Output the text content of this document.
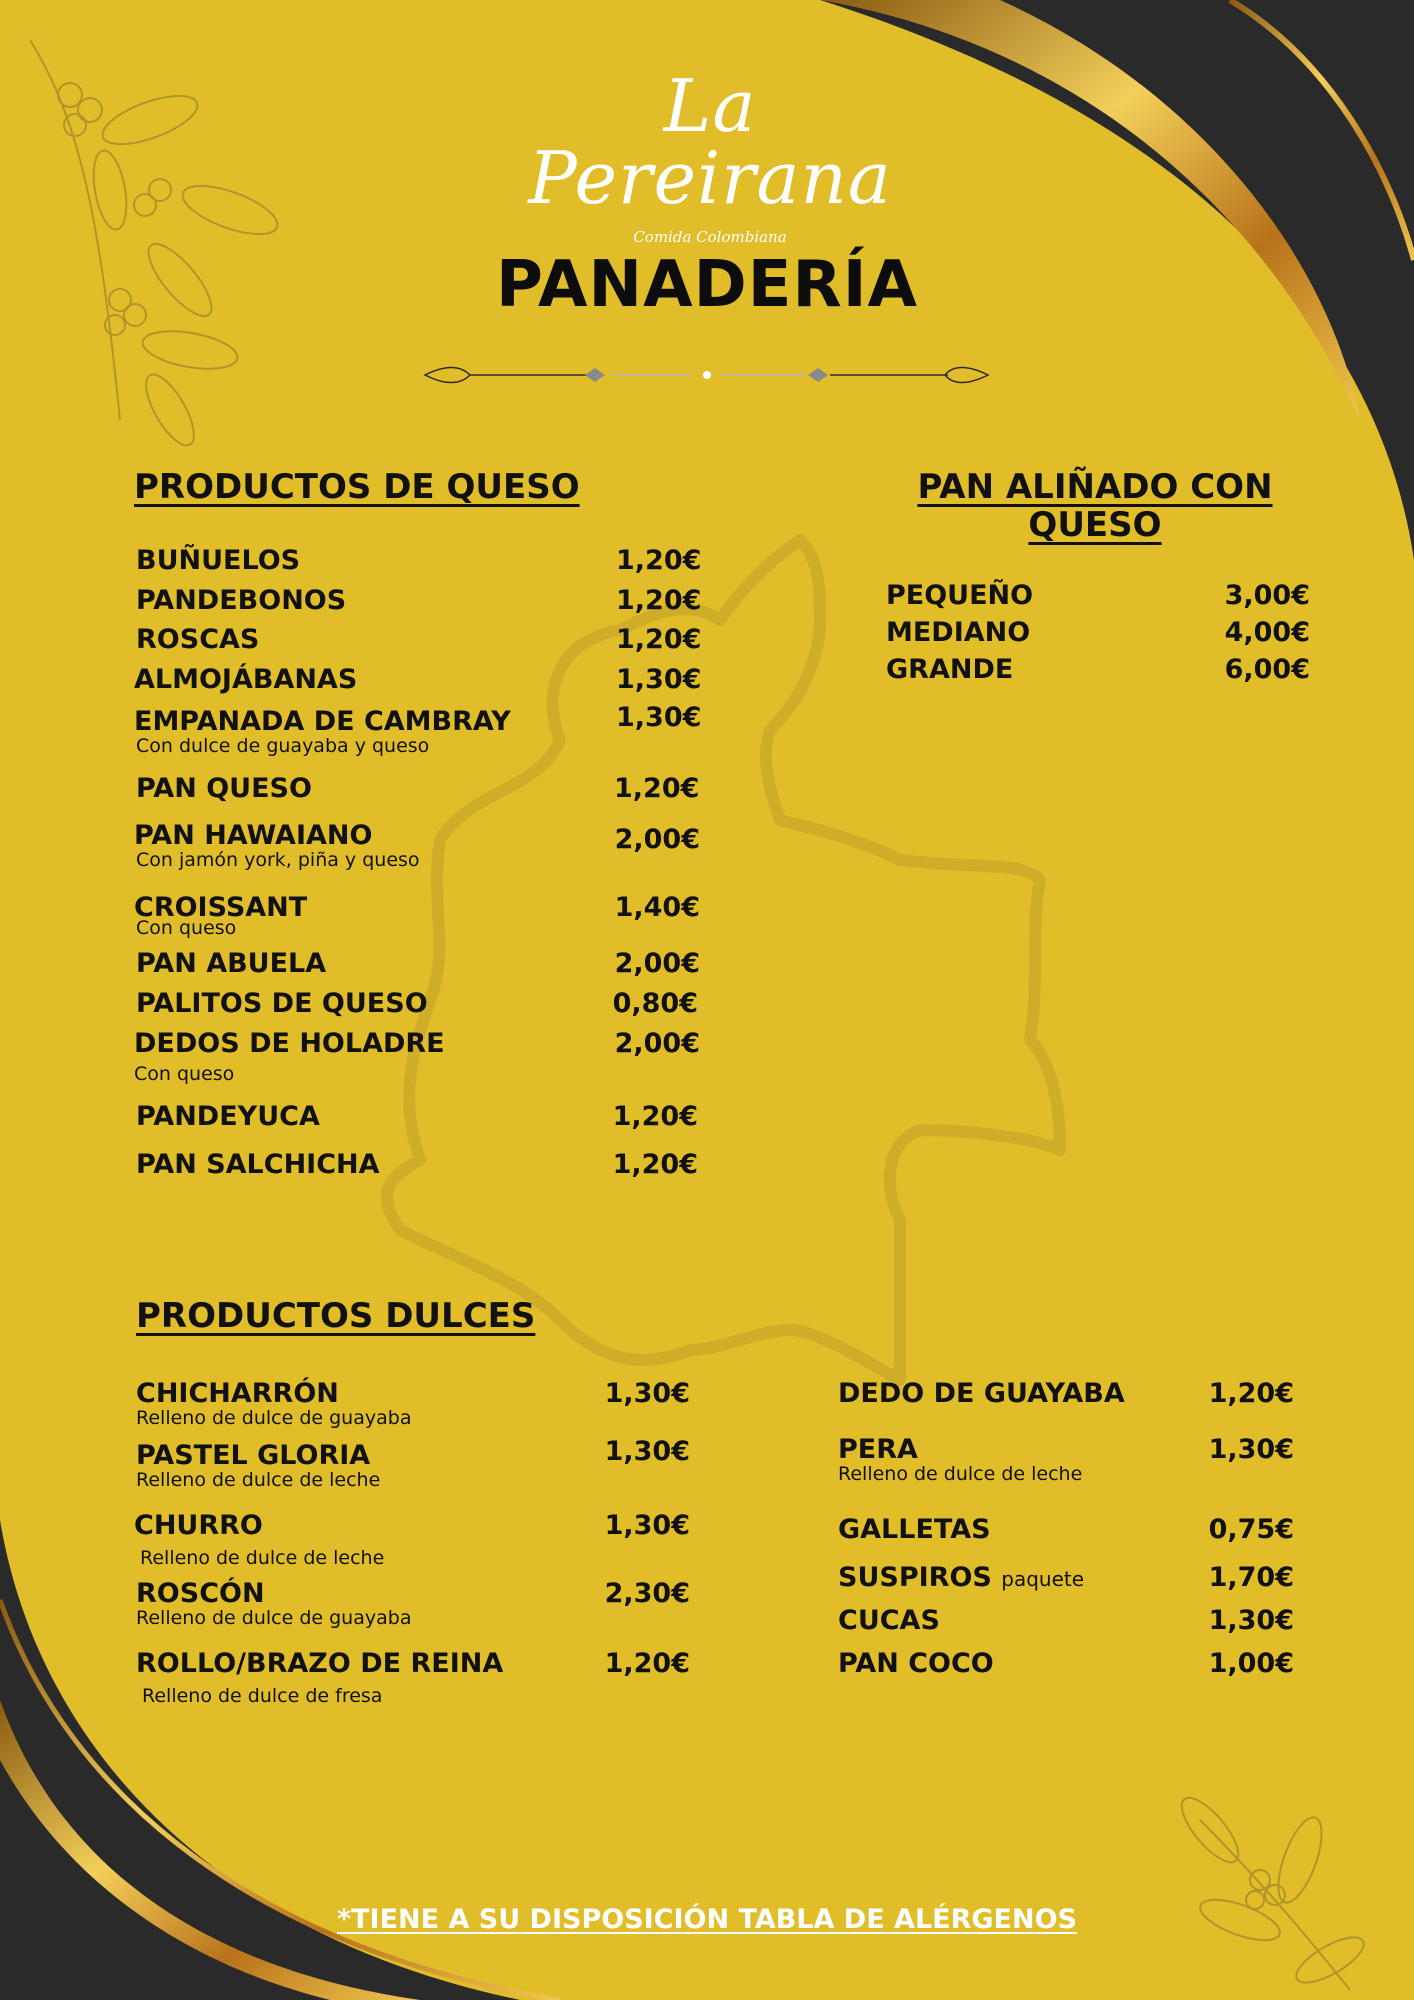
La Pereirana
Comida Colombiana
PANADERÍA
PRODUCTOS DE QUESO
BUÑUELOS	1,20€
PANDEBONOS	1,20€
ROSCAS	1,20€
ALMOJÁBANAS	1,30€
EMPANADA DE CAMBRAY	1,30€
Con dulce de guayaba y queso
PAN QUESO	1,20€
PAN HAWAIANO	2,00€
Con jamón york, piña y queso
CROISSANT	1,40€
Con queso
PAN ABUELA	2,00€
PALITOS DE QUESO	0,80€
DEDOS DE HOLADRE	2,00€
Con queso
PANDEYUCA	1,20€
PAN SALCHICHA	1,20€
PAN ALIÑADO CON
QUESO
PEQUEÑO	3,00€
MEDIANO	4,00€
GRANDE	6,00€
PRODUCTOS DULCES
CHICHARRÓN	1,30€
Relleno de dulce de guayaba
PASTEL GLORIA	1,30€
Relleno de dulce de leche
CHURRO	1,30€
Relleno de dulce de leche
ROSCÓN	2,30€
Relleno de dulce de guayaba
ROLLO/BRAZO DE REINA	1,20€
Relleno de dulce de fresa
DEDO DE GUAYABA	1,20€
PERA	1,30€
Relleno de dulce de leche
GALLETAS	0,75€
SUSPIROS paquete	1,70€
CUCAS	1,30€
PAN COCO	1,00€
*TIENE A SU DISPOSICIÓN TABLA DE ALÉRGENOS
